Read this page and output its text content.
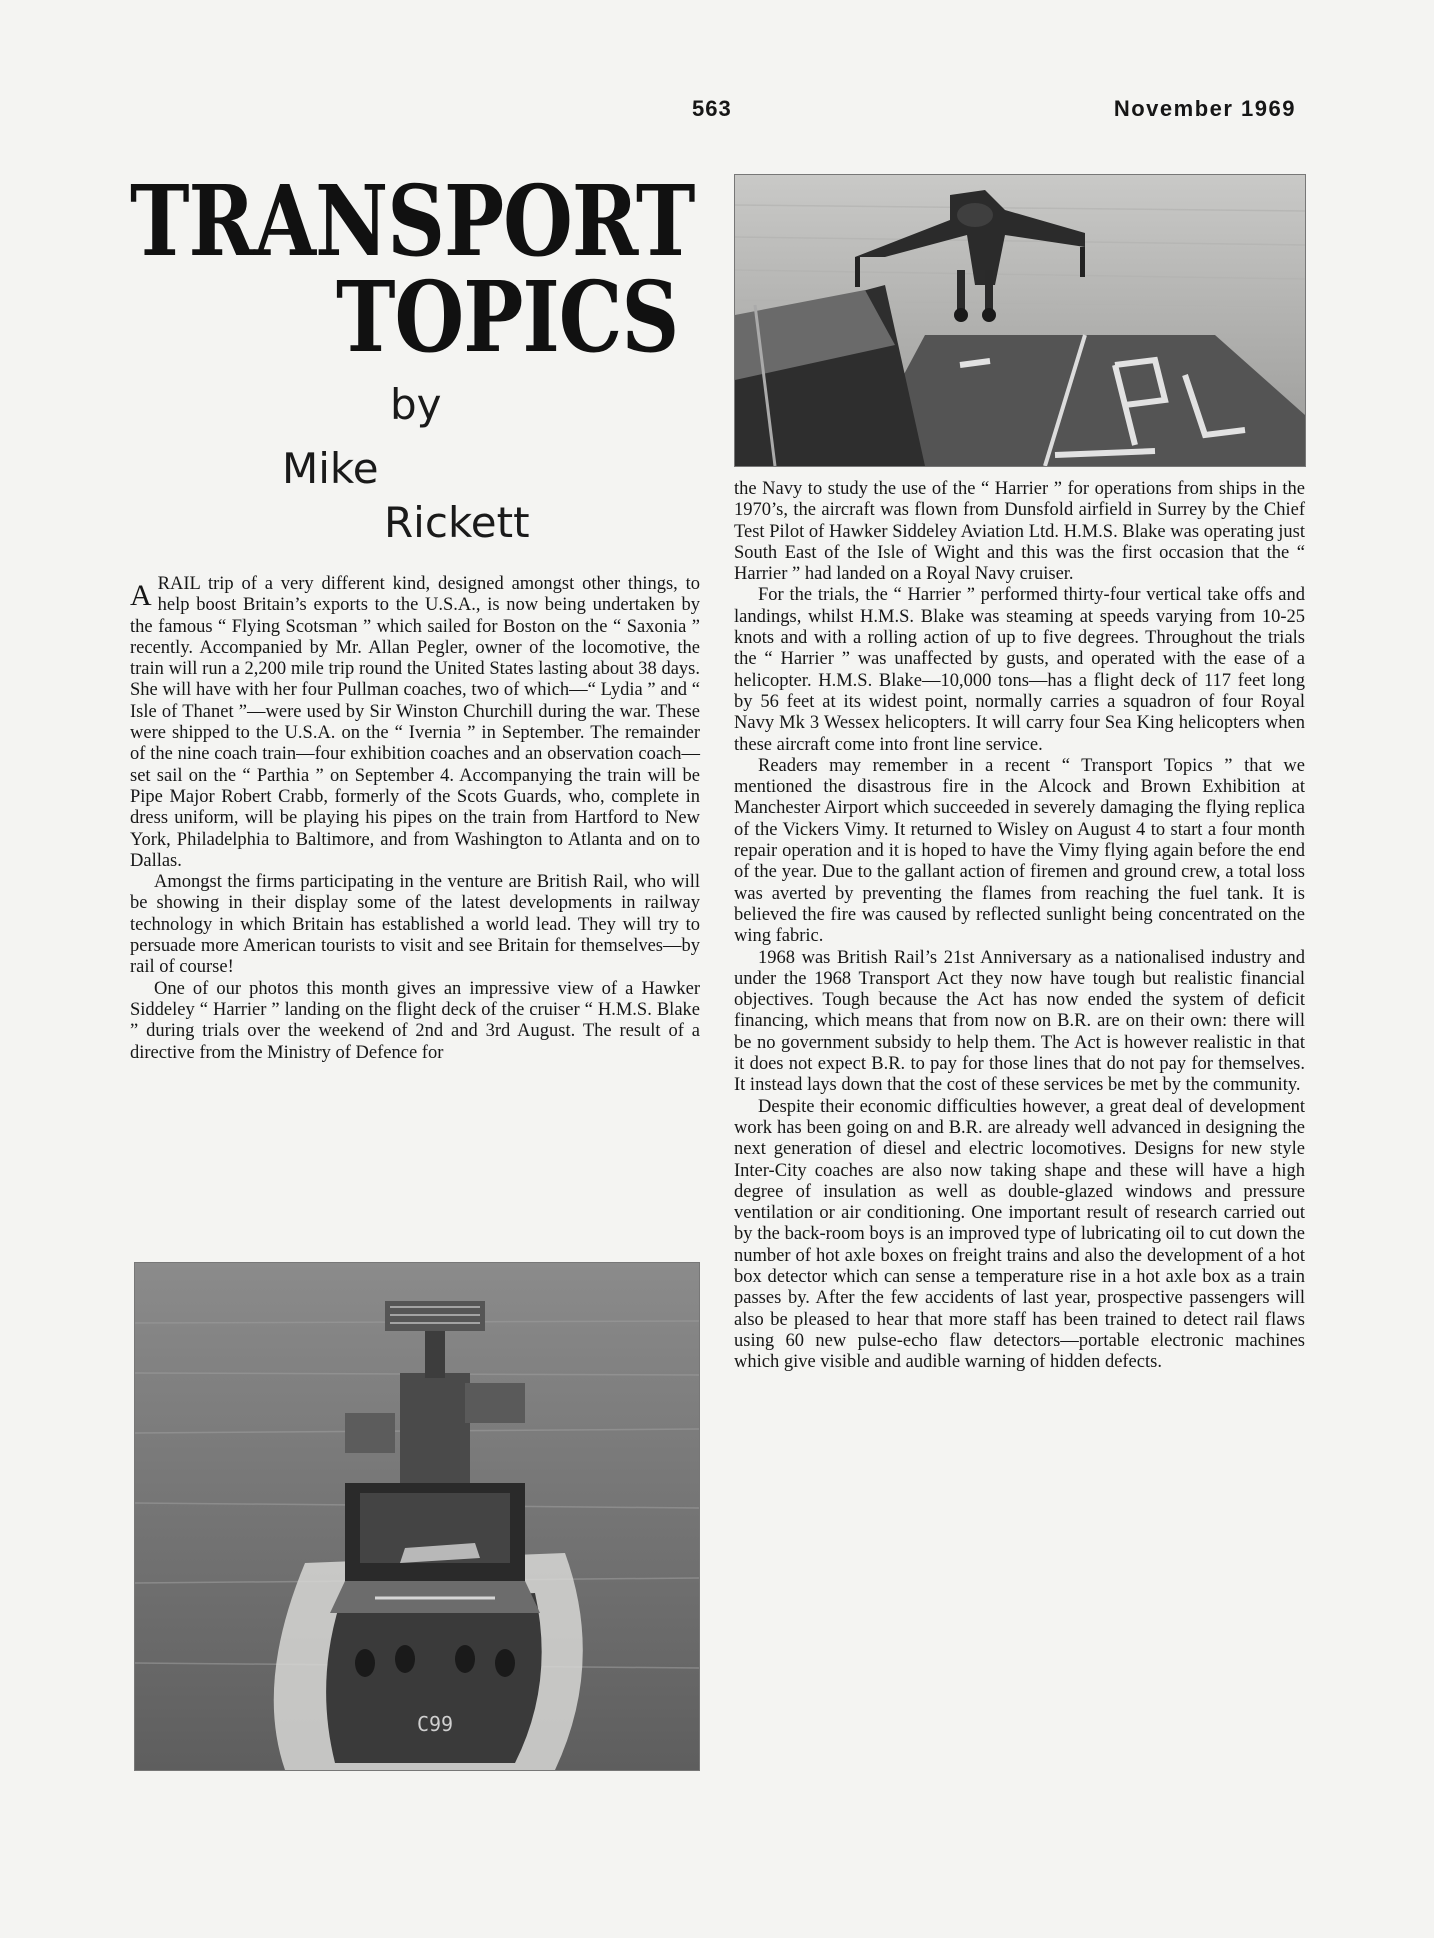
563	November 1969
TRANSPORT
TOPICS
by
Mike
Rickett
C99

ARAIL trip of a very different kind, designed amongst other things, to help boost Britain’s exports to the U.S.A., is now being undertaken by the famous “ Flying Scotsman ” which sailed for Boston on the “ Saxonia ” recently. Accompanied by Mr. Allan Pegler, owner of the locomotive, the train will run a 2,200 mile trip round the United States lasting about 38 days. She will have with her four Pullman coaches, two of which—“ Lydia ” and “ Isle of Thanet ”—were used by Sir Winston Churchill during the war. These were shipped to the U.S.A. on the “ Ivernia ” in September. The remainder of the nine coach train—four exhibition coaches and an observation coach—set sail on the “ Parthia ” on September 4. Accompanying the train will be Pipe Major Robert Crabb, formerly of the Scots Guards, who, complete in dress uniform, will be playing his pipes on the train from Hartford to New York, Philadelphia to Baltimore, and from Washington to Atlanta and on to Dallas.

Amongst the firms participating in the venture are British Rail, who will be showing in their display some of the latest developments in railway technology in which Britain has established a world lead. They will try to persuade more American tourists to visit and see Britain for themselves—by rail of course!

One of our photos this month gives an impressive view of a Hawker Siddeley “ Harrier ” landing on the flight deck of the cruiser “ H.M.S. Blake ” during trials over the weekend of 2nd and 3rd August. The result of a directive from the Ministry of Defence for

the Navy to study the use of the “ Harrier ” for operations from ships in the 1970’s, the aircraft was flown from Dunsfold airfield in Surrey by the Chief Test Pilot of Hawker Siddeley Aviation Ltd. H.M.S. Blake was operating just South East of the Isle of Wight and this was the first occasion that the “ Harrier ” had landed on a Royal Navy cruiser.

For the trials, the “ Harrier ” performed thirty-four vertical take offs and landings, whilst H.M.S. Blake was steaming at speeds varying from 10-25 knots and with a rolling action of up to five degrees. Throughout the trials the “ Harrier ” was unaffected by gusts, and operated with the ease of a helicopter. H.M.S. Blake—10,000 tons—has a flight deck of 117 feet long by 56 feet at its widest point, normally carries a squadron of four Royal Navy Mk 3 Wessex helicopters. It will carry four Sea King helicopters when these aircraft come into front line service.

Readers may remember in a recent “ Transport Topics ” that we mentioned the disastrous fire in the Alcock and Brown Exhibition at Manchester Airport which succeeded in severely damaging the flying replica of the Vickers Vimy. It returned to Wisley on August 4 to start a four month repair operation and it is hoped to have the Vimy flying again before the end of the year. Due to the gallant action of firemen and ground crew, a total loss was averted by preventing the flames from reaching the fuel tank. It is believed the fire was caused by reflected sunlight being concentrated on the wing fabric.

1968 was British Rail’s 21st Anniversary as a nationalised industry and under the 1968 Transport Act they now have tough but realistic financial objectives. Tough because the Act has now ended the system of deficit financing, which means that from now on B.R. are on their own: there will be no government subsidy to help them. The Act is however realistic in that it does not expect B.R. to pay for those lines that do not pay for themselves. It instead lays down that the cost of these services be met by the community.

Despite their economic difficulties however, a great deal of development work has been going on and B.R. are already well advanced in designing the next generation of diesel and electric locomotives. Designs for new style Inter-City coaches are also now taking shape and these will have a high degree of insulation as well as double-glazed windows and pressure ventilation or air conditioning. One important result of research carried out by the back-room boys is an improved type of lubricating oil to cut down the number of hot axle boxes on freight trains and also the development of a hot box detector which can sense a temperature rise in a hot axle box as a train passes by. After the few accidents of last year, prospective passengers will also be pleased to hear that more staff has been trained to detect rail flaws using 60 new pulse-echo flaw detectors—portable electronic machines which give visible and audible warning of hidden defects.
